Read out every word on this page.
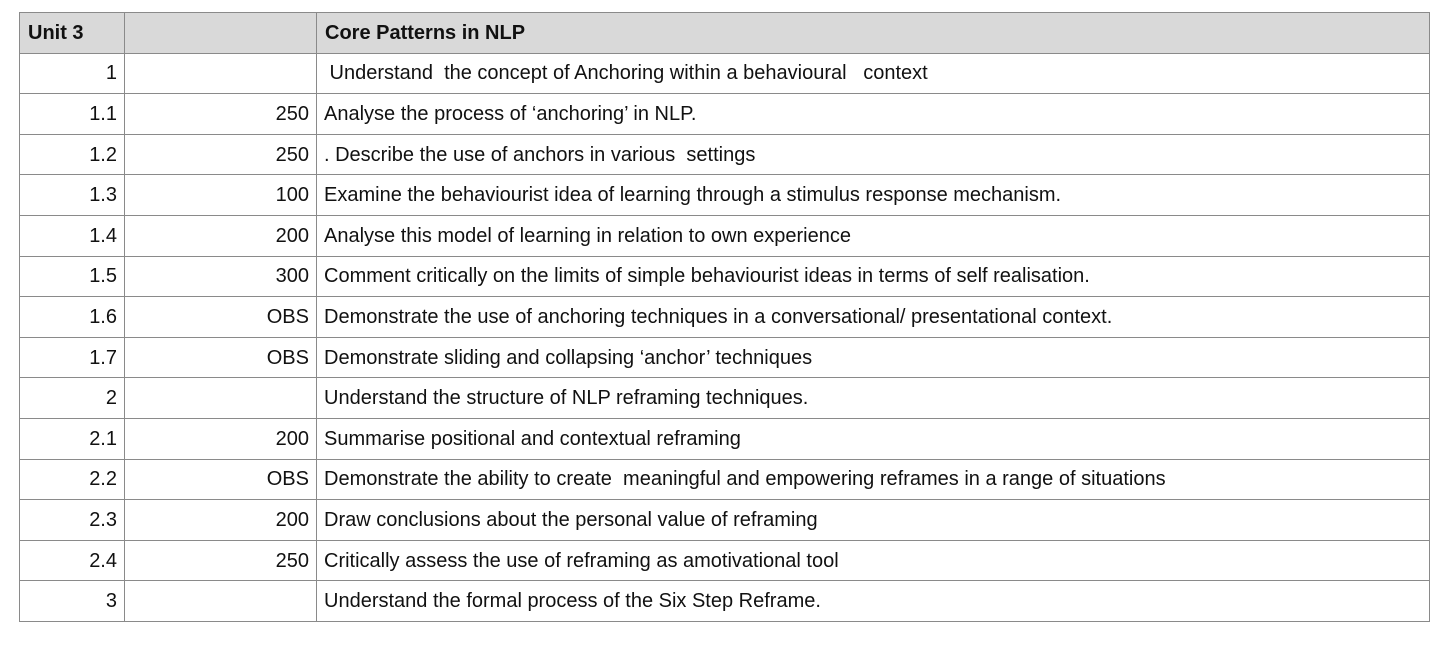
Unit 3		Core Patterns in NLP
1		Understand  the concept of Anchoring within a behavioural   context
1.1	250	Analyse the process of ‘anchoring’ in NLP.
1.2	250	. Describe the use of anchors in various  settings
1.3	100	Examine the behaviourist idea of learning through a stimulus response mechanism.
1.4	200	Analyse this model of learning in relation to own experience
1.5	300	Comment critically on the limits of simple behaviourist ideas in terms of self realisation.
1.6	OBS	Demonstrate the use of anchoring techniques in a conversational/ presentational context.
1.7	OBS	Demonstrate sliding and collapsing ‘anchor’ techniques
2		Understand the structure of NLP reframing techniques.
2.1	200	Summarise positional and contextual reframing
2.2	OBS	Demonstrate the ability to create  meaningful and empowering reframes in a range of situations
2.3	200	Draw conclusions about the personal value of reframing
2.4	250	Critically assess the use of reframing as amotivational tool
3		Understand the formal process of the Six Step Reframe.
